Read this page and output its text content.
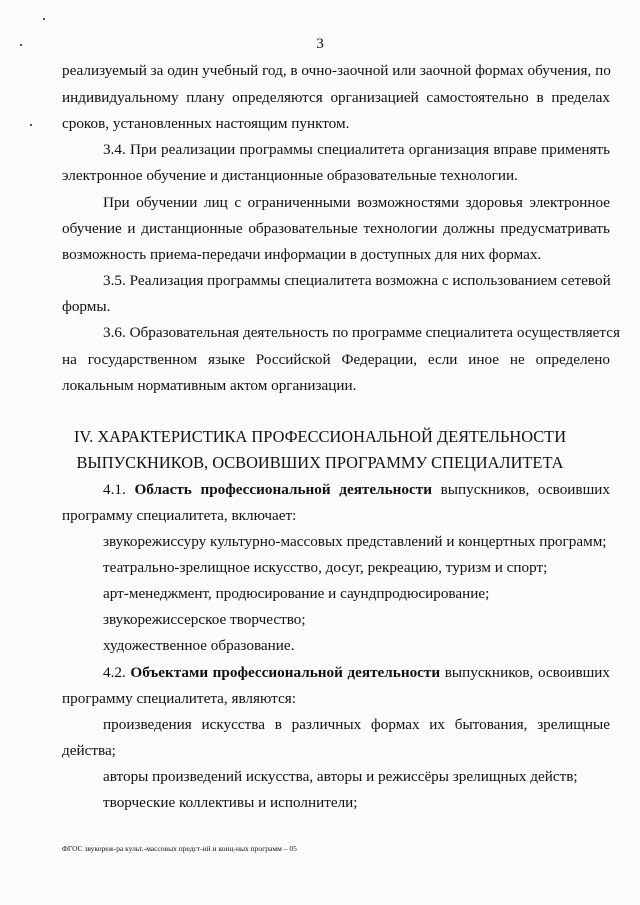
3
реализуемый за один учебный год, в очно-заочной или заочной формах обучения, по
индивидуальному плану определяются организацией самостоятельно в пределах
сроков, установленных настоящим пунктом.
3.4. При реализации программы специалитета организация вправе применять
электронное обучение и дистанционные образовательные технологии.
При обучении лиц с ограниченными возможностями здоровья электронное
обучение и дистанционные образовательные технологии должны предусматривать
возможность приема-передачи информации в доступных для них формах.
3.5. Реализация программы специалитета возможна с использованием сетевой
формы.
3.6. Образовательная деятельность по программе специалитета осуществляется
на государственном языке Российской Федерации, если иное не определено
локальным нормативным актом организации.
IV. ХАРАКТЕРИСТИКА ПРОФЕССИОНАЛЬНОЙ ДЕЯТЕЛЬНОСТИ
ВЫПУСКНИКОВ, ОСВОИВШИХ ПРОГРАММУ СПЕЦИАЛИТЕТА
4.1. Область профессиональной деятельности выпускников, освоивших
программу специалитета, включает:
звукорежиссуру культурно-массовых представлений и концертных программ;
театрально-зрелищное искусство, досуг, рекреацию, туризм и спорт;
арт-менеджмент, продюсирование и саундпродюсирование;
звукорежиссерское творчество;
художественное образование.
4.2. Объектами профессиональной деятельности выпускников, освоивших
программу специалитета, являются:
произведения искусства в различных формах их бытования, зрелищные
действа;
авторы произведений искусства, авторы и режиссёры зрелищных действ;
творческие коллективы и исполнители;
ФГОС звукореж-ра культ.-массовых предст-ий и конц-ных программ – 05
